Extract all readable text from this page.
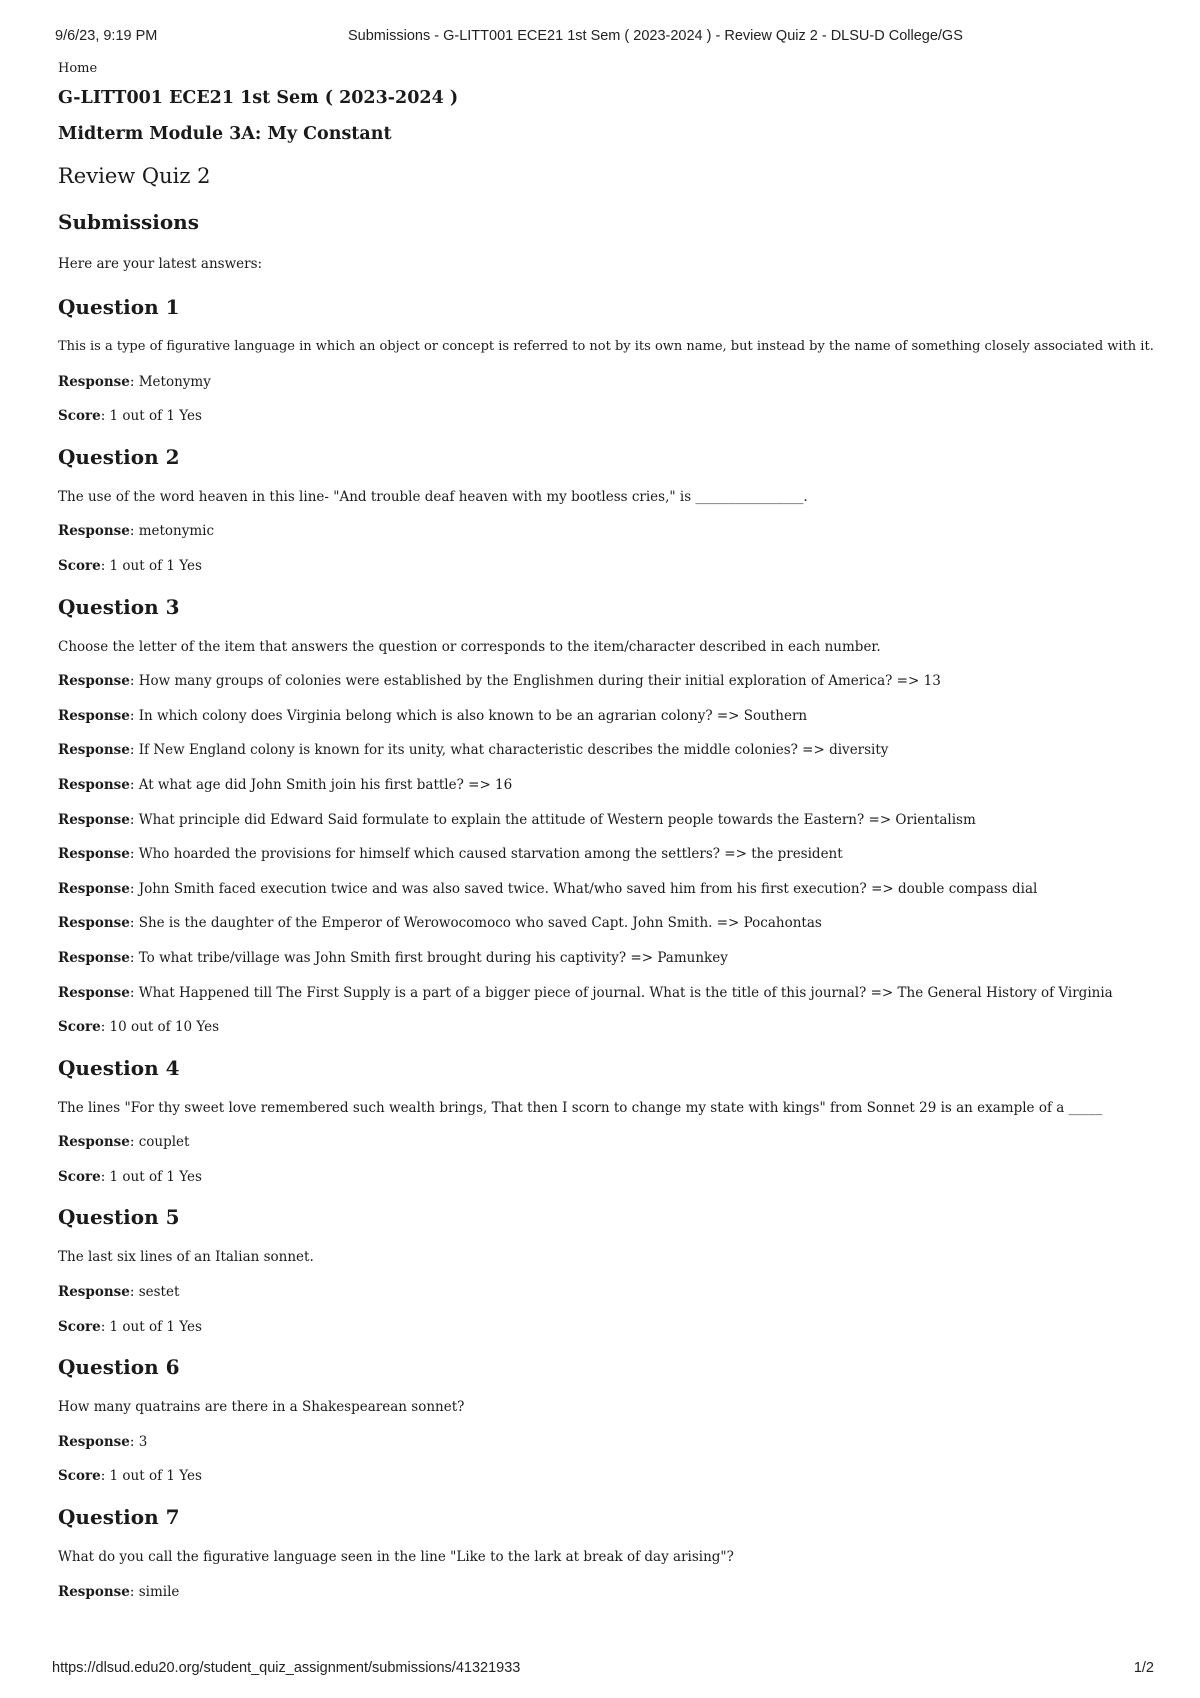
9/6/23, 9:19 PM	Submissions - G-LITT001 ECE21 1st Sem ( 2023-2024 ) - Review Quiz 2 - DLSU-D College/GS
Home
G-LITT001 ECE21 1st Sem ( 2023-2024 )
Midterm Module 3A: My Constant
Review Quiz 2
Submissions

Here are your latest answers:

Question 1

This is a type of figurative language in which an object or concept is referred to not by its own name, but instead by the name of something closely associated with it.

Response: Metonymy

Score: 1 out of 1 Yes

Question 2

The use of the word heaven in this line- "And trouble deaf heaven with my bootless cries," is ________________.

Response: metonymic

Score: 1 out of 1 Yes

Question 3

Choose the letter of the item that answers the question or corresponds to the item/character described in each number.

Response: How many groups of colonies were established by the Englishmen during their initial exploration of America? => 13

Response: In which colony does Virginia belong which is also known to be an agrarian colony? => Southern

Response: If New England colony is known for its unity, what characteristic describes the middle colonies? => diversity

Response: At what age did John Smith join his first battle? => 16

Response: What principle did Edward Said formulate to explain the attitude of Western people towards the Eastern? => Orientalism

Response: Who hoarded the provisions for himself which caused starvation among the settlers? => the president

Response: John Smith faced execution twice and was also saved twice. What/who saved him from his first execution? => double compass dial

Response: She is the daughter of the Emperor of Werowocomoco who saved Capt. John Smith. => Pocahontas

Response: To what tribe/village was John Smith first brought during his captivity? => Pamunkey

Response: What Happened till The First Supply is a part of a bigger piece of journal. What is the title of this journal? => The General History of Virginia

Score: 10 out of 10 Yes

Question 4

The lines "For thy sweet love remembered such wealth brings, That then I scorn to change my state with kings" from Sonnet 29 is an example of a _____

Response: couplet

Score: 1 out of 1 Yes

Question 5

The last six lines of an Italian sonnet.

Response: sestet

Score: 1 out of 1 Yes

Question 6

How many quatrains are there in a Shakespearean sonnet?

Response: 3

Score: 1 out of 1 Yes

Question 7

What do you call the figurative language seen in the line "Like to the lark at break of day arising"?

Response: simile

https://dlsud.edu20.org/student_quiz_assignment/submissions/41321933	1/2
